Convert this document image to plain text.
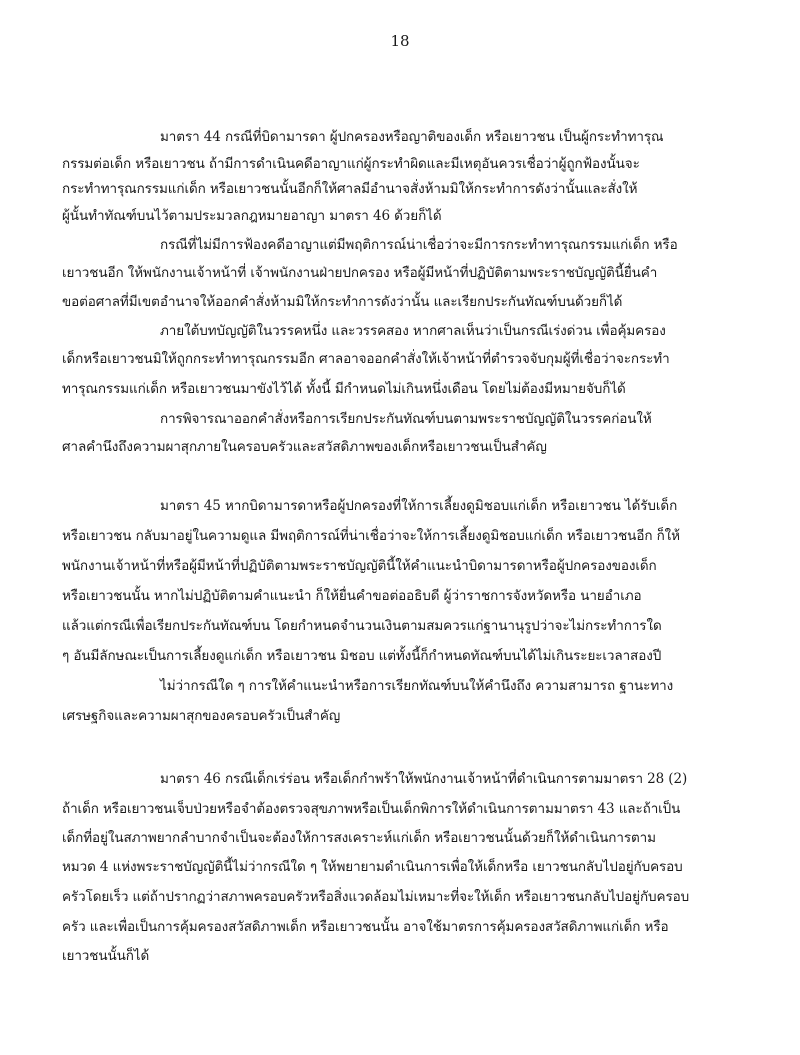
18
มาตรา 44 กรณีที่บิดามารดา ผู้ปกครองหรือญาติของเด็ก หรือเยาวชน เป็นผู้กระทำทารุณ
กรรมต่อเด็ก หรือเยาวชน ถ้ามีการดำเนินคดีอาญาแก่ผู้กระทำผิดและมีเหตุอันควรเชื่อว่าผู้ถูกฟ้องนั้นจะ
กระทำทารุณกรรมแก่เด็ก หรือเยาวชนนั้นอีกก็ให้ศาลมีอำนาจสั่งห้ามมิให้กระทำการดังว่านั้นและสั่งให้
ผู้นั้นทำทัณฑ์บนไว้ตามประมวลกฎหมายอาญา มาตรา 46 ด้วยก็ได้
กรณีที่ไม่มีการฟ้องคดีอาญาแต่มีพฤติการณ์น่าเชื่อว่าจะมีการกระทำทารุณกรรมแก่เด็ก หรือ
เยาวชนอีก ให้พนักงานเจ้าหน้าที่ เจ้าพนักงานฝ่ายปกครอง หรือผู้มีหน้าที่ปฏิบัติตามพระราชบัญญัตินี้ยื่นคำ
ขอต่อศาลที่มีเขตอำนาจให้ออกคำสั่งห้ามมิให้กระทำการดังว่านั้น และเรียกประกันทัณฑ์บนด้วยก็ได้
ภายใต้บทบัญญัติในวรรคหนึ่ง และวรรคสอง หากศาลเห็นว่าเป็นกรณีเร่งด่วน เพื่อคุ้มครอง
เด็กหรือเยาวชนมิให้ถูกกระทำทารุณกรรมอีก ศาลอาจออกคำสั่งให้เจ้าหน้าที่ตำรวจจับกุมผู้ที่เชื่อว่าจะกระทำ
ทารุณกรรมแก่เด็ก หรือเยาวชนมาขังไว้ได้ ทั้งนี้ มีกำหนดไม่เกินหนึ่งเดือน โดยไม่ต้องมีหมายจับก็ได้
การพิจารณาออกคำสั่งหรือการเรียกประกันทัณฑ์บนตามพระราชบัญญัติในวรรคก่อนให้
ศาลคำนึงถึงความผาสุกภายในครอบครัวและสวัสดิภาพของเด็กหรือเยาวชนเป็นสำคัญ
มาตรา 45 หากบิดามารดาหรือผู้ปกครองที่ให้การเลี้ยงดูมิชอบแก่เด็ก หรือเยาวชน ได้รับเด็ก
หรือเยาวชน กลับมาอยู่ในความดูแล มีพฤติการณ์ที่น่าเชื่อว่าจะให้การเลี้ยงดูมิชอบแก่เด็ก หรือเยาวชนอีก ก็ให้
พนักงานเจ้าหน้าที่หรือผู้มีหน้าที่ปฏิบัติตามพระราชบัญญัตินี้ให้คำแนะนำบิดามารดาหรือผู้ปกครองของเด็ก
หรือเยาวชนนั้น หากไม่ปฏิบัติตามคำแนะนำ ก็ให้ยื่นคำขอต่ออธิบดี ผู้ว่าราชการจังหวัดหรือ นายอำเภอ
แล้วแต่กรณีเพื่อเรียกประกันทัณฑ์บน โดยกำหนดจำนวนเงินตามสมควรแก่ฐานานุรูปว่าจะไม่กระทำการใด
ๆ อันมีลักษณะเป็นการเลี้ยงดูแก่เด็ก หรือเยาวชน มิชอบ แต่ทั้งนี้ก็กำหนดทัณฑ์บนได้ไม่เกินระยะเวลาสองปี
ไม่ว่ากรณีใด ๆ การให้คำแนะนำหรือการเรียกทัณฑ์บนให้คำนึงถึง ความสามารถ ฐานะทาง
เศรษฐกิจและความผาสุกของครอบครัวเป็นสำคัญ
มาตรา 46 กรณีเด็กเร่ร่อน หรือเด็กกำพร้าให้พนักงานเจ้าหน้าที่ดำเนินการตามมาตรา 28 (2)
ถ้าเด็ก หรือเยาวชนเจ็บป่วยหรือจำต้องตรวจสุขภาพหรือเป็นเด็กพิการให้ดำเนินการตามมาตรา 43 และถ้าเป็น
เด็กที่อยู่ในสภาพยากลำบากจำเป็นจะต้องให้การสงเคราะห์แก่เด็ก หรือเยาวชนนั้นด้วยก็ให้ดำเนินการตาม
หมวด 4 แห่งพระราชบัญญัตินี้ไม่ว่ากรณีใด ๆ ให้พยายามดำเนินการเพื่อให้เด็กหรือ เยาวชนกลับไปอยู่กับครอบ
ครัวโดยเร็ว แต่ถ้าปรากฏว่าสภาพครอบครัวหรือสิ่งแวดล้อมไม่เหมาะที่จะให้เด็ก หรือเยาวชนกลับไปอยู่กับครอบ
ครัว และเพื่อเป็นการคุ้มครองสวัสดิภาพเด็ก หรือเยาวชนนั้น อาจใช้มาตรการคุ้มครองสวัสดิภาพแก่เด็ก หรือ
เยาวชนนั้นก็ได้
